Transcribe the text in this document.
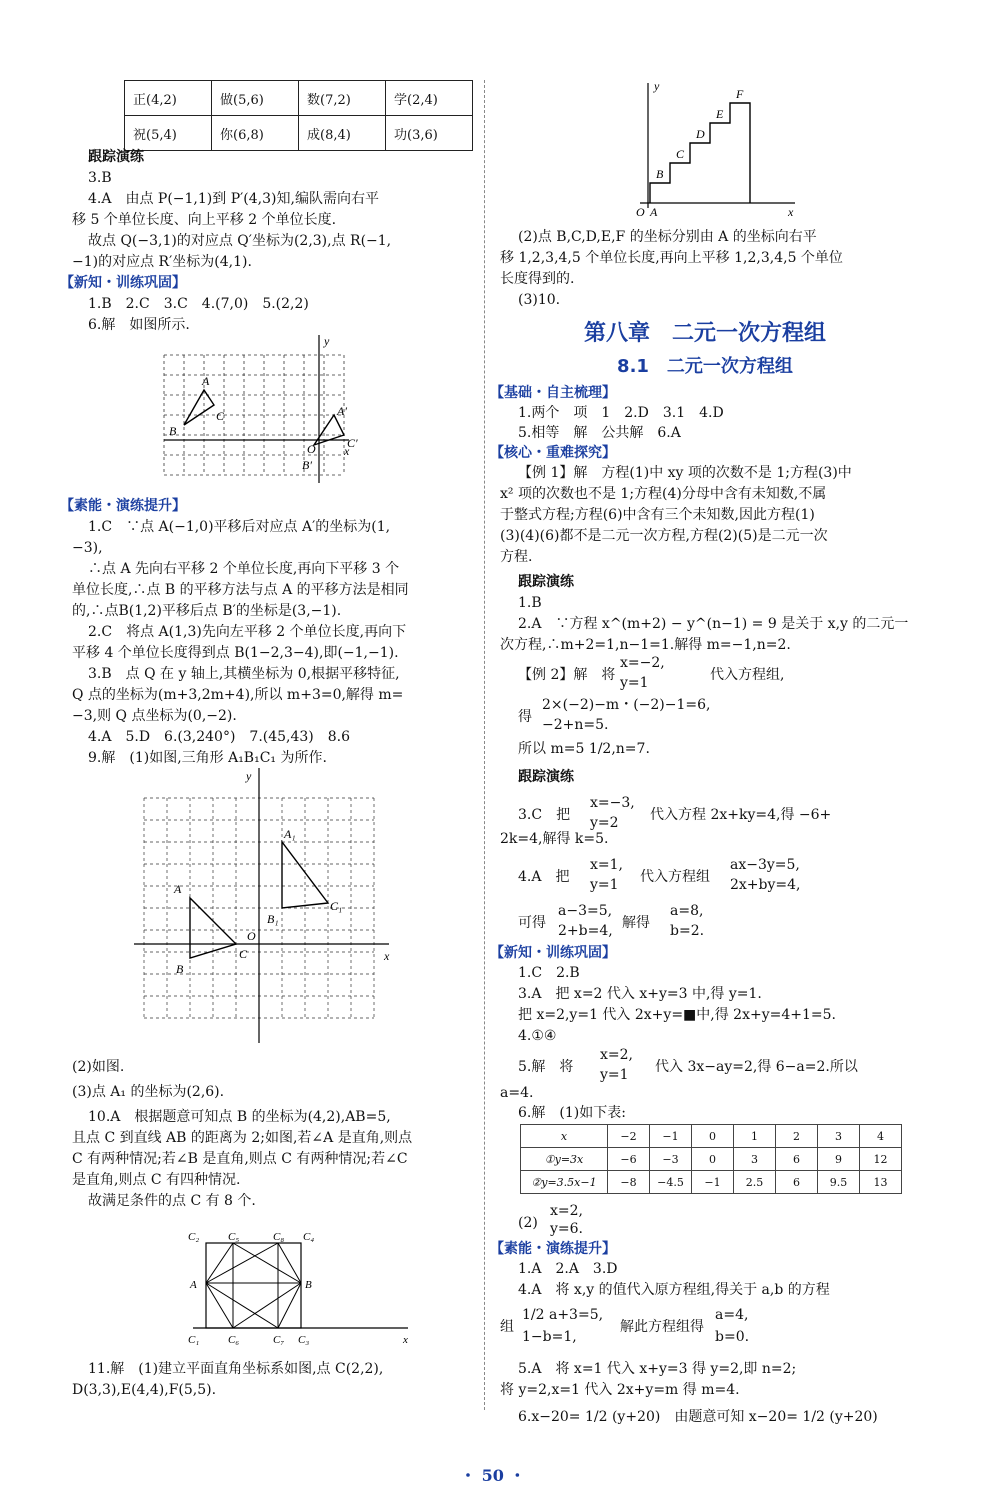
正(4,2)	做(5,6)	数(7,2)	学(2,4)
祝(5,4)	你(6,8)	成(8,4)	功(3,6)
跟踪演练
3.B
4.A　由点 P(−1,1)到 P′(4,3)知,编队需向右平
移 5 个单位长度、向上平移 2 个单位长度.
故点 Q(−3,1)的对应点 Q′坐标为(2,3),点 R(−1,
−1)的对应点 R′坐标为(4,1).
【新知・训练巩固】
1.B　2.C　3.C　4.(7,0)　5.(2,2)
6.解　如图所示.
A
A′
B
C
C′
O
B′
x
y
【素能・演练提升】
1.C　∵点 A(−1,0)平移后对应点 A′的坐标为(1,
−3),
∴点 A 先向右平移 2 个单位长度,再向下平移 3 个
单位长度,∴点 B 的平移方法与点 A 的平移方法是相同
的,∴点B(1,2)平移后点 B′的坐标是(3,−1).
2.C　将点 A(1,3)先向左平移 2 个单位长度,再向下
平移 4 个单位长度得到点 B(1−2,3−4),即(−1,−1).
3.B　点 Q 在 y 轴上,其横坐标为 0,根据平移特征,
Q 点的坐标为(m+3,2m+4),所以 m+3=0,解得 m=
−3,则 Q 点坐标为(0,−2).
4.A　5.D　6.(3,240°)　7.(45,43)　8.6
9.解　(1)如图,三角形 A₁B₁C₁ 为所作.
A₁
A
B₁
C₁
O
C
B
x
y
(2)如图.
(3)点 A₁ 的坐标为(2,6).
10.A　根据题意可知点 B 的坐标为(4,2),AB=5,
且点 C 到直线 AB 的距离为 2;如图,若∠A 是直角,则点
C 有两种情况;若∠B 是直角,则点 C 有两种情况;若∠C
是直角,则点 C 有四种情况.
故满足条件的点 C 有 8 个.
C₂	C₅	C₈ C₄
A	B
C₁	C₆	C₇ C₃	x
11.解　(1)建立平面直角坐标系如图,点 C(2,2),
D(3,3),E(4,4),F(5,5).
F
E
D
C
B
O A	x
y
(2)点 B,C,D,E,F 的坐标分别由 A 的坐标向右平
移 1,2,3,4,5 个单位长度,再向上平移 1,2,3,4,5 个单位
长度得到的.
(3)10.
第八章　二元一次方程组
8.1　二元一次方程组
【基础・自主梳理】
1.两个　项　1　2.D　3.1　4.D
5.相等　解　公共解　6.A
【核心・重难探究】
【例 1】解　方程(1)中 xy 项的次数不是 1;方程(3)中
x² 项的次数也不是 1;方程(4)分母中含有未知数,不属
于整式方程;方程(6)中含有三个未知数,因此方程(1)
(3)(4)(6)都不是二元一次方程,方程(2)(5)是二元一次
方程.
跟踪演练
1.B
2.A　∵方程 x^(m+2) − y^(n−1) = 9 是关于 x,y 的二元一
次方程,∴m+2=1,n−1=1.解得 m=−1,n=2.
【例 2】解　将
x=−2,
y=1	代入方程组,
得
2×(−2)−m・(−2)−1=6,
−2+n=5.
所以 m=5 1/2,n=7.
跟踪演练
3.C　把
x=−3,
y=2 代入方程 2x+ky=4,得 −6+
2k=4,解得 k=5.
4.A　把
x=1,
y=1 代入方程组
ax−3y=5,
2x+by=4,
可得
a−3=5,
2+b=4, 解得
a=8,
b=2.
【新知・训练巩固】
1.C　2.B
3.A　把 x=2 代入 x+y=3 中,得 y=1.
把 x=2,y=1 代入 2x+y=■中,得 2x+y=4+1=5.
4.①④
5.解　将
x=2,
y=1 代入 3x−ay=2,得 6−a=2.所以
a=4.
6.解　(1)如下表:
x	−2	−1	0	1	2	3	4
①y=3x	−6	−3	0	3	6	9	12
②y=3.5x−1	−8	−4.5	−1	2.5	6	9.5	13
(2)
x=2,
y=6.
【素能・演练提升】
1.A　2.A　3.D
4.A　将 x,y 的值代入原方程组,得关于 a,b 的方程
组
1/2 a+3=5,
1−b=1,
解此方程组得
a=4,
b=0.
5.A　将 x=1 代入 x+y=3 得 y=2,即 n=2;
将 y=2,x=1 代入 2x+y=m 得 m=4.
6.x−20= 1/2 (y+20)　由题意可知 x−20= 1/2 (y+20)
・ 50 ・
